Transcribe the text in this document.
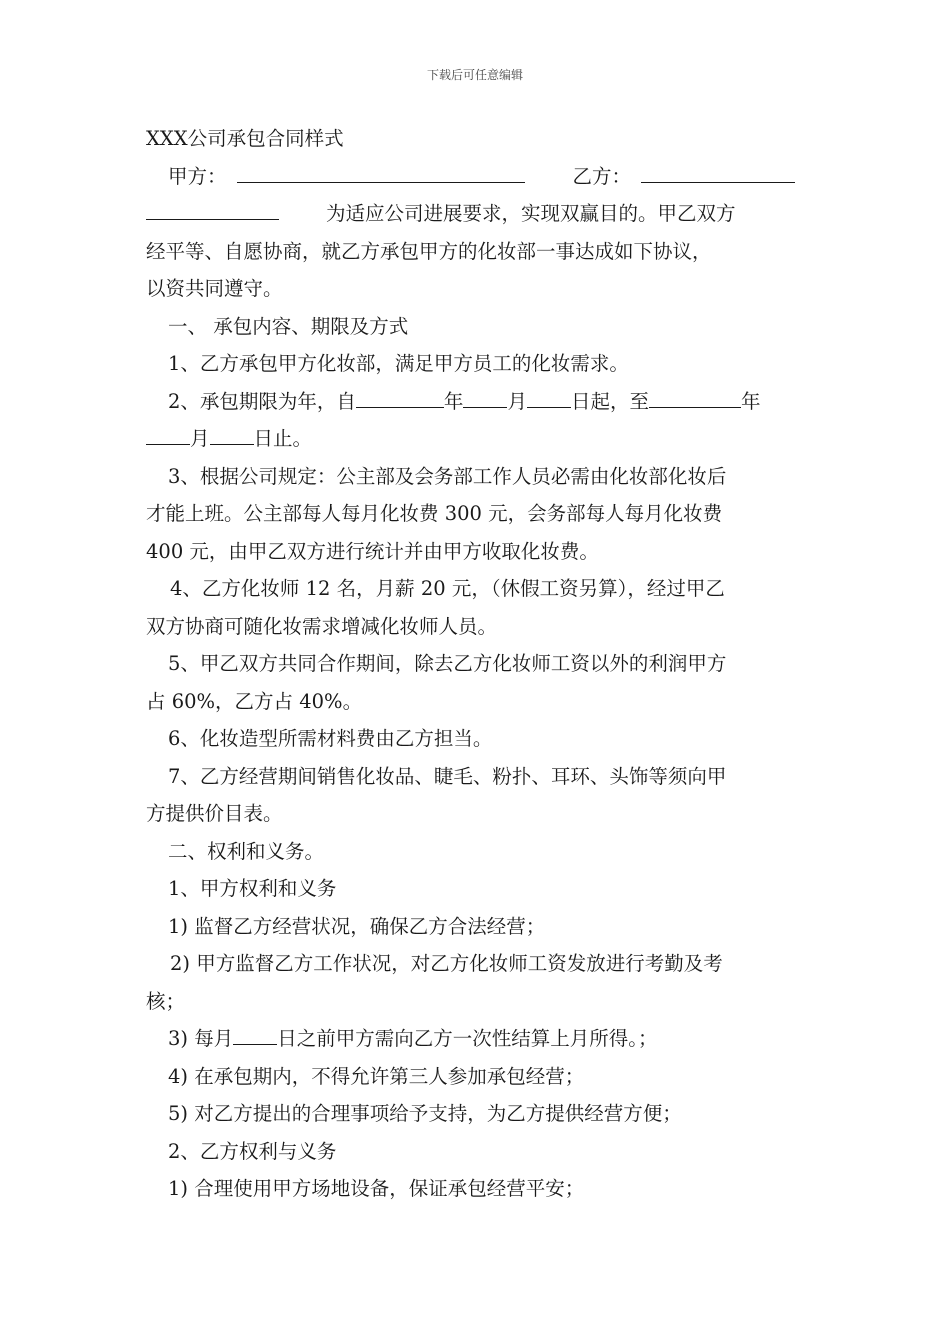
下载后可任意编辑
XXX公司承包合同样式
甲方：	乙方：
为适应公司进展要求，实现双赢目的。甲乙双方
经平等、自愿协商，就乙方承包甲方的化妆部一事达成如下协议，
以资共同遵守。
一、 承包内容、期限及方式
1、乙方承包甲方化妆部，满足甲方员工的化妆需求。
2、承包期限为年，自	年 月 日起，至	年
月 日止。
3、根据公司规定：公主部及会务部工作人员必需由化妆部化妆后
才能上班。公主部每人每月化妆费 300 元，会务部每人每月化妆费
400 元，由甲乙双方进行统计并由甲方收取化妆费。
4、乙方化妆师 12 名，月薪 20 元，（休假工资另算），经过甲乙
双方协商可随化妆需求增减化妆师人员。
5、甲乙双方共同合作期间，除去乙方化妆师工资以外的利润甲方
占 60%，乙方占 40%。
6、化妆造型所需材料费由乙方担当。
7、乙方经营期间销售化妆品、睫毛、粉扑、耳环、头饰等须向甲
方提供价目表。
二、权利和义务。
1、甲方权利和义务
1) 监督乙方经营状况，确保乙方合法经营；
2) 甲方监督乙方工作状况，对乙方化妆师工资发放进行考勤及考
核；
3) 每月 日之前甲方需向乙方一次性结算上月所得。；
4) 在承包期内，不得允许第三人参加承包经营；
5) 对乙方提出的合理事项给予支持，为乙方提供经营方便；
2、乙方权利与义务
1) 合理使用甲方场地设备，保证承包经营平安；
